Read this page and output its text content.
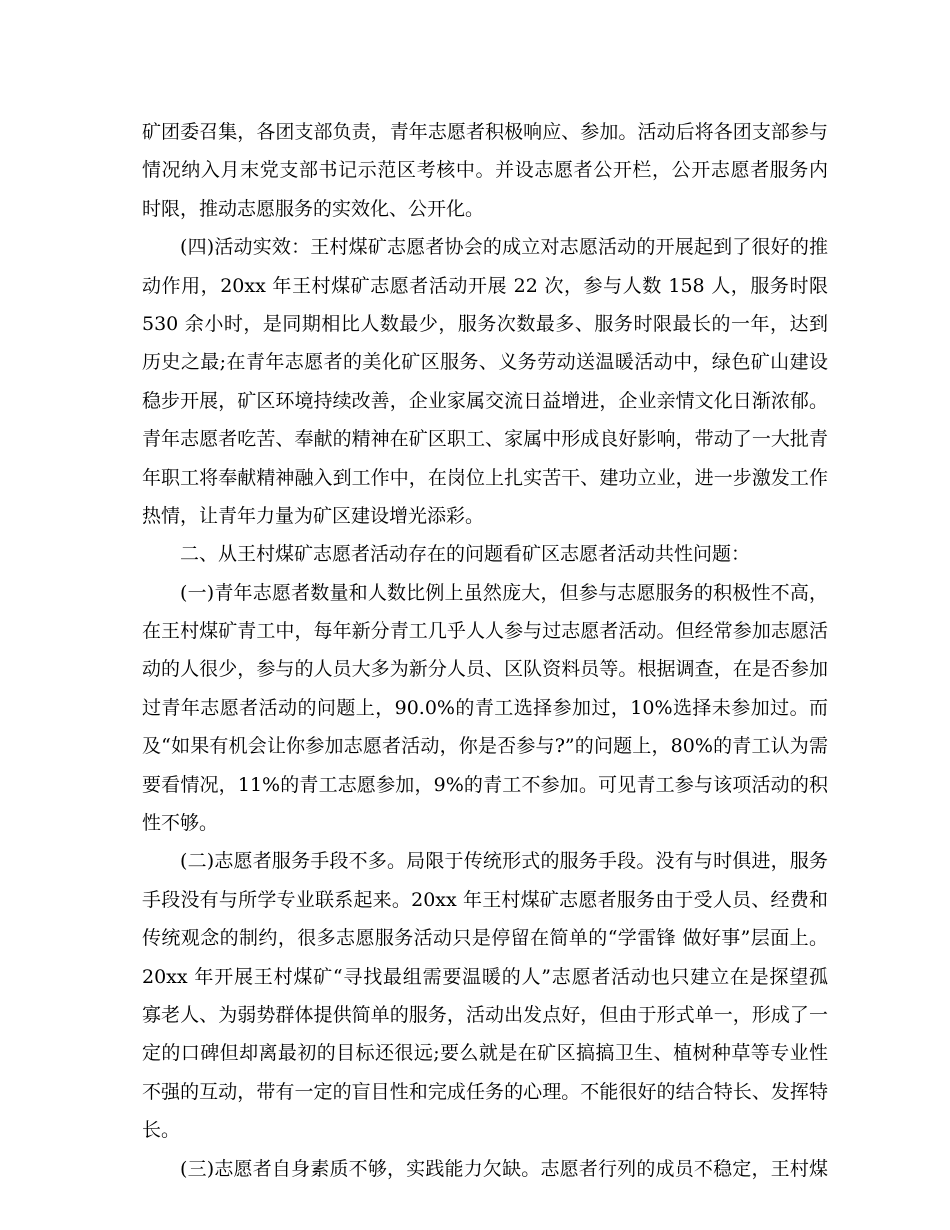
矿团委召集，各团支部负责，青年志愿者积极响应、参加。活动后将各团支部参与
情况纳入月末党支部书记示范区考核中。并设志愿者公开栏，公开志愿者服务内
时限，推动志愿服务的实效化、公开化。
(四)活动实效：王村煤矿志愿者协会的成立对志愿活动的开展起到了很好的推
动作用，20xx 年王村煤矿志愿者活动开展 22 次，参与人数 158 人，服务时限
530 余小时，是同期相比人数最少，服务次数最多、服务时限最长的一年，达到
历史之最;在青年志愿者的美化矿区服务、义务劳动送温暖活动中，绿色矿山建设
稳步开展，矿区环境持续改善，企业家属交流日益增进，企业亲情文化日渐浓郁。
青年志愿者吃苦、奉献的精神在矿区职工、家属中形成良好影响，带动了一大批青
年职工将奉献精神融入到工作中，在岗位上扎实苦干、建功立业，进一步激发工作
热情，让青年力量为矿区建设增光添彩。
二、从王村煤矿志愿者活动存在的问题看矿区志愿者活动共性问题：
(一)青年志愿者数量和人数比例上虽然庞大，但参与志愿服务的积极性不高，
在王村煤矿青工中，每年新分青工几乎人人参与过志愿者活动。但经常参加志愿活
动的人很少，参与的人员大多为新分人员、区队资料员等。根据调查，在是否参加
过青年志愿者活动的问题上，90.0%的青工选择参加过，10%选择未参加过。而
及“如果有机会让你参加志愿者活动，你是否参与?”的问题上，80%的青工认为需
要看情况，11%的青工志愿参加，9%的青工不参加。可见青工参与该项活动的积
性不够。
(二)志愿者服务手段不多。局限于传统形式的服务手段。没有与时俱进，服务
手段没有与所学专业联系起来。20xx 年王村煤矿志愿者服务由于受人员、经费和
传统观念的制约，很多志愿服务活动只是停留在简单的“学雷锋 做好事”层面上。
20xx 年开展王村煤矿“寻找最组需要温暖的人”志愿者活动也只建立在是探望孤
寡老人、为弱势群体提供简单的服务，活动出发点好，但由于形式单一，形成了一
定的口碑但却离最初的目标还很远;要么就是在矿区搞搞卫生、植树种草等专业性
不强的互动，带有一定的盲目性和完成任务的心理。不能很好的结合特长、发挥特
长。
(三)志愿者自身素质不够，实践能力欠缺。志愿者行列的成员不稳定，王村煤
